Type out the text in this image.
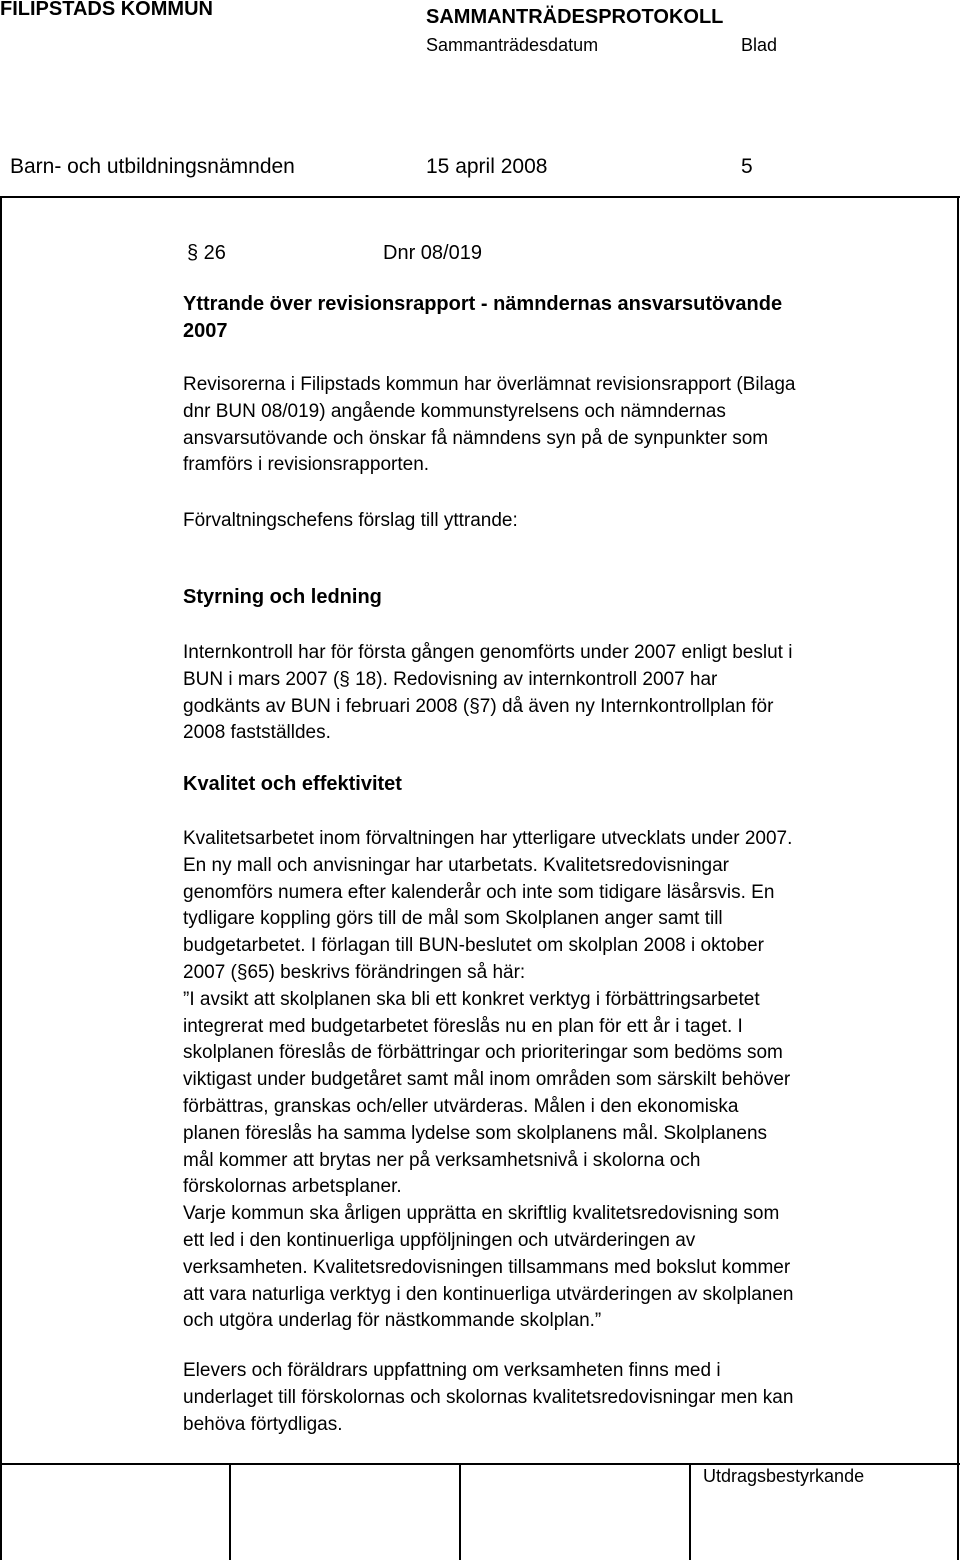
FILIPSTADS KOMMUN	SAMMANTRÄDESPROTOKOLL
Sammanträdesdatum	Blad
Barn- och utbildningsnämnden	15 april 2008	5
§ 26	Dnr 08/019
Yttrande över revisionsrapport - nämndernas ansvarsutövande
2007
Revisorerna i Filipstads kommun har överlämnat revisionsrapport (Bilaga
dnr BUN 08/019) angående kommunstyrelsens och nämndernas
ansvarsutövande och önskar få nämndens syn på de synpunkter som
framförs i revisionsrapporten.
Förvaltningschefens förslag till yttrande:
Styrning och ledning
Internkontroll har för första gången genomförts under 2007 enligt beslut i
BUN i mars 2007 (§ 18). Redovisning av internkontroll 2007 har
godkänts av BUN i februari 2008 (§7) då även ny Internkontrollplan för
2008 fastställdes.
Kvalitet och effektivitet
Kvalitetsarbetet inom förvaltningen har ytterligare utvecklats under 2007.
En ny mall och anvisningar har utarbetats. Kvalitetsredovisningar
genomförs numera efter kalenderår och inte som tidigare läsårsvis. En
tydligare koppling görs till de mål som Skolplanen anger samt till
budgetarbetet. I förlagan till BUN-beslutet om skolplan 2008 i oktober
2007 (§65) beskrivs förändringen så här:
”I avsikt att skolplanen ska bli ett konkret verktyg i förbättringsarbetet
integrerat med budgetarbetet föreslås nu en plan för ett år i taget. I
skolplanen föreslås de förbättringar och prioriteringar som bedöms som
viktigast under budgetåret samt mål inom områden som särskilt behöver
förbättras, granskas och/eller utvärderas. Målen i den ekonomiska
planen föreslås ha samma lydelse som skolplanens mål. Skolplanens
mål kommer att brytas ner på verksamhetsnivå i skolorna och
förskolornas arbetsplaner.
Varje kommun ska årligen upprätta en skriftlig kvalitetsredovisning som
ett led i den kontinuerliga uppföljningen och utvärderingen av
verksamheten. Kvalitetsredovisningen tillsammans med bokslut kommer
att vara naturliga verktyg i den kontinuerliga utvärderingen av skolplanen
och utgöra underlag för nästkommande skolplan.”
Elevers och föräldrars uppfattning om verksamheten finns med i
underlaget till förskolornas och skolornas kvalitetsredovisningar men kan
behöva förtydligas.
Utdragsbestyrkande
